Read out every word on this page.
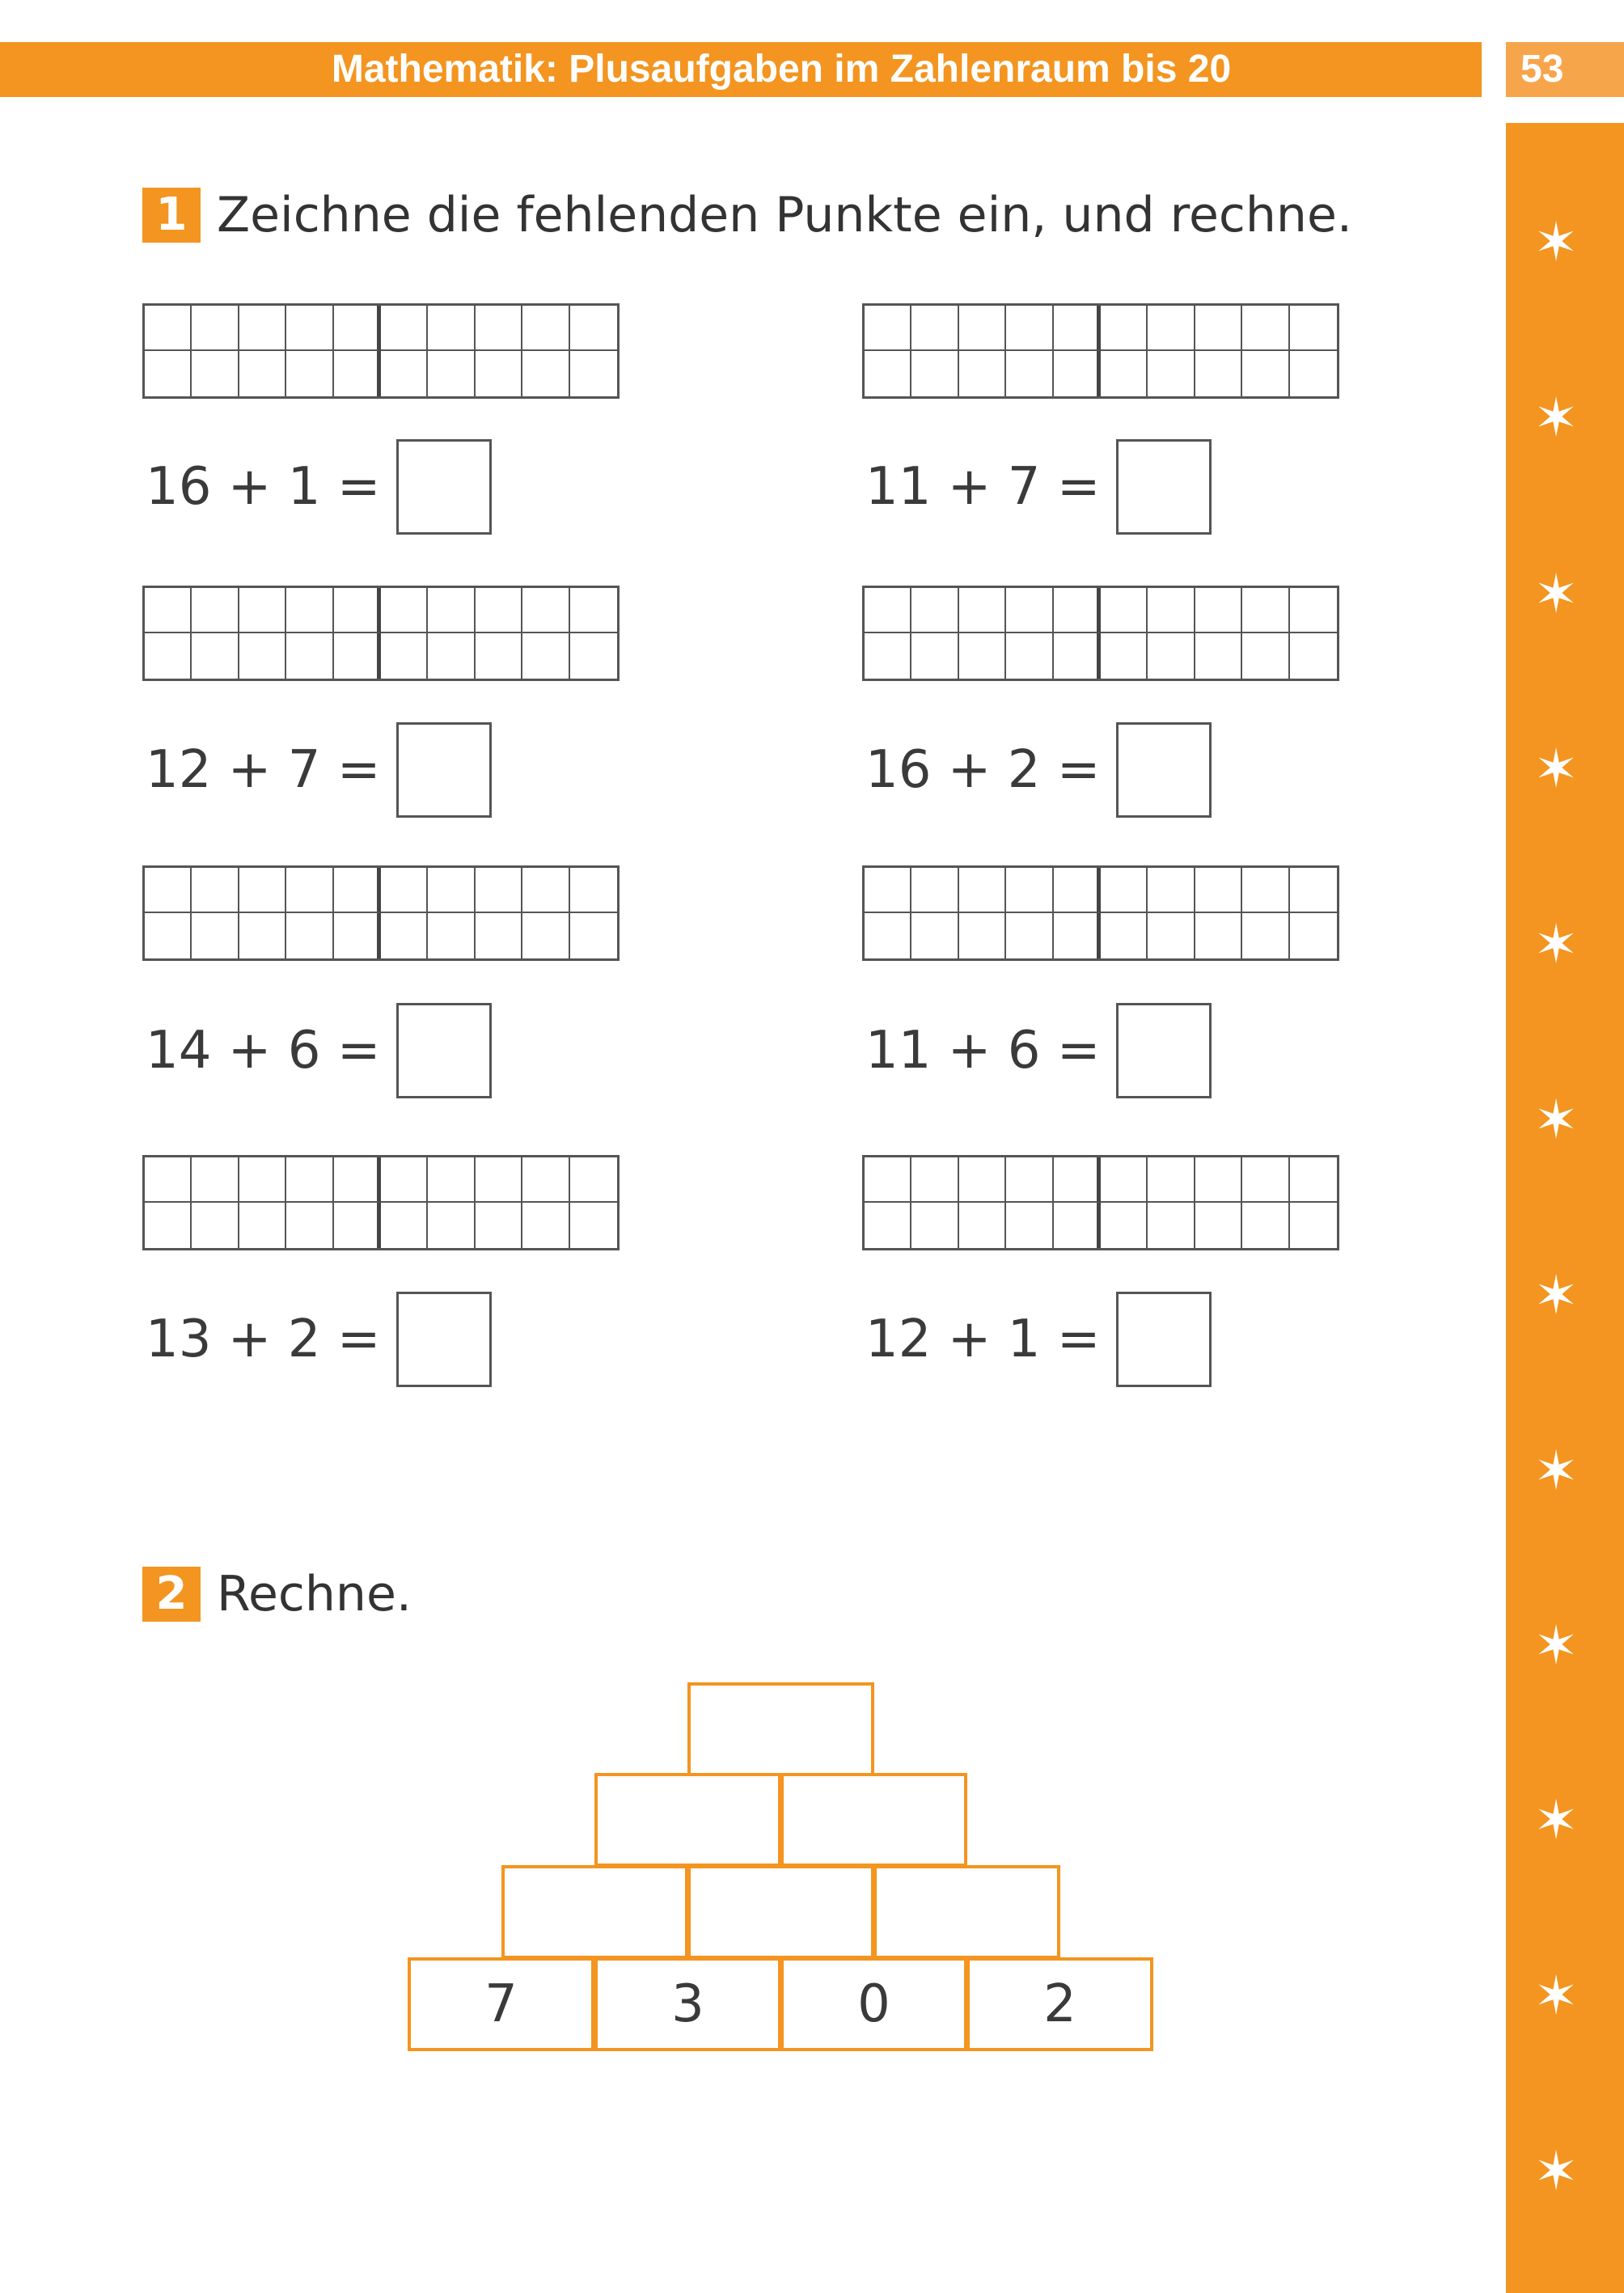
Mathematik: Plusaufgaben im Zahlenraum bis 20	53
✶
✶
✶
✶
✶
✶
✶
✶
✶
✶
✶
✶
1 Zeichne die fehlenden Punkte ein, und rechne.
16 + 1 =	11 + 7 =
12 + 7 =	16 + 2 =
14 + 6 =	11 + 6 =
13 + 2 =	12 + 1 =
2 Rechne.
7	3	0	2
